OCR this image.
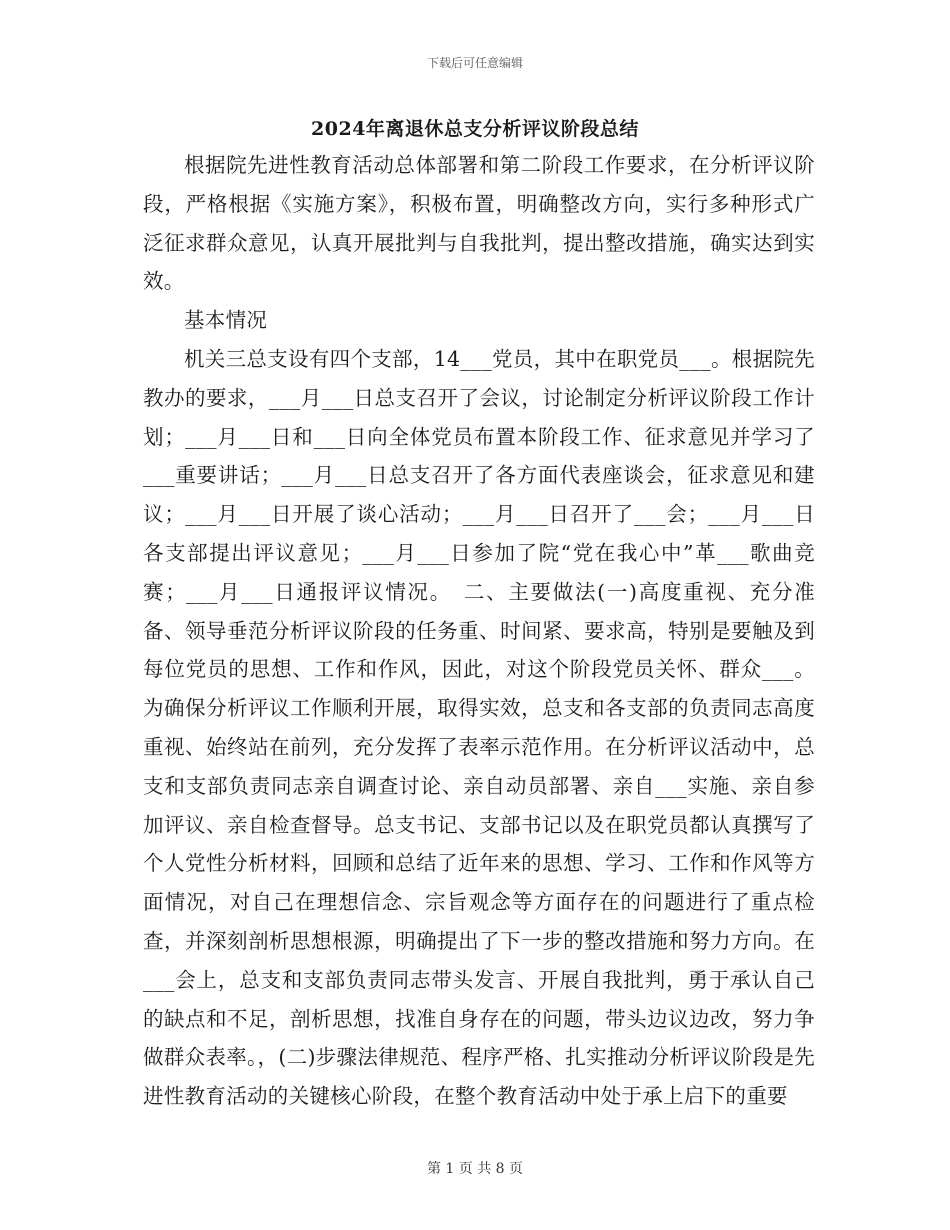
下载后可任意编辑
2024年离退休总支分析评议阶段总结

根据院先进性教育活动总体部署和第二阶段工作要求，在分析评议阶段，严格根据《实施方案》，积极布置，明确整改方向，实行多种形式广泛征求群众意见，认真开展批判与自我批判，提出整改措施，确实达到实效。

基本情况

机关三总支设有四个支部，14___党员，其中在职党员___。根据院先教办的要求，___月___日总支召开了会议，讨论制定分析评议阶段工作计划；___月___日和___日向全体党员布置本阶段工作、征求意见并学习了___重要讲话；___月___日总支召开了各方面代表座谈会，征求意见和建议；___月___日开展了谈心活动；___月___日召开了___会；___月___日各支部提出评议意见；___月___日参加了院“党在我心中”革___歌曲竞赛；___月___日通报评议情况。　二、主要做法(一)高度重视、充分准备、领导垂范分析评议阶段的任务重、时间紧、要求高，特别是要触及到每位党员的思想、工作和作风，因此，对这个阶段党员关怀、群众___。为确保分析评议工作顺利开展，取得实效，总支和各支部的负责同志高度重视、始终站在前列，充分发挥了表率示范作用。在分析评议活动中，总支和支部负责同志亲自调查讨论、亲自动员部署、亲自___实施、亲自参加评议、亲自检查督导。总支书记、支部书记以及在职党员都认真撰写了个人党性分析材料，回顾和总结了近年来的思想、学习、工作和作风等方面情况，对自己在理想信念、宗旨观念等方面存在的问题进行了重点检查，并深刻剖析思想根源，明确提出了下一步的整改措施和努力方向。在___会上，总支和支部负责同志带头发言、开展自我批判，勇于承认自己的缺点和不足，剖析思想，找准自身存在的问题，带头边议边改，努力争做群众表率。，(二)步骤法律规范、程序严格、扎实推动分析评议阶段是先进性教育活动的关键核心阶段，在整个教育活动中处于承上启下的重要

第 1 页 共 8 页
